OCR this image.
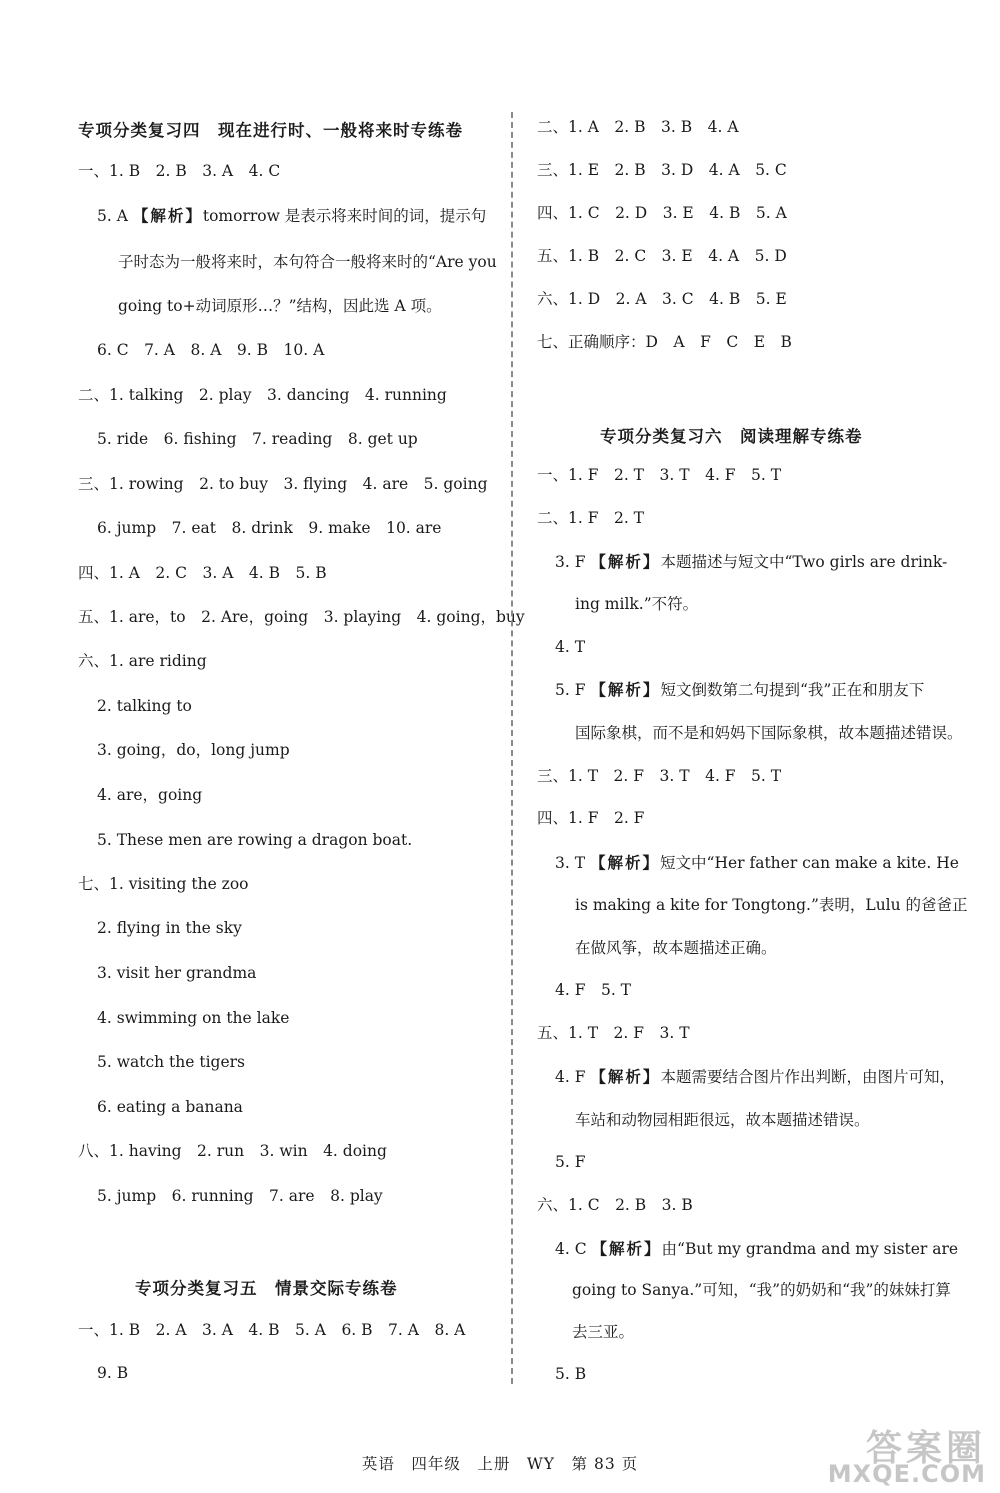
专项分类复习四　现在进行时、一般将来时专练卷
一、1. B　2. B　3. A　4. C
5. A 【解析】tomorrow 是表示将来时间的词，提示句
子时态为一般将来时，本句符合一般将来时的“Are you
going to+动词原形…？”结构，因此选 A 项。
6. C　7. A　8. A　9. B　10. A
二、1. talking　2. play　3. dancing　4. running
5. ride　6. fishing　7. reading　8. get up
三、1. rowing　2. to buy　3. flying　4. are　5. going
6. jump　7. eat　8. drink　9. make　10. are
四、1. A　2. C　3. A　4. B　5. B
五、1. are，to　2. Are，going　3. playing　4. going，buy
六、1. are riding
2. talking to
3. going，do，long jump
4. are，going
5. These men are rowing a dragon boat.
七、1. visiting the zoo
2. flying in the sky
3. visit her grandma
4. swimming on the lake
5. watch the tigers
6. eating a banana
八、1. having　2. run　3. win　4. doing
5. jump　6. running　7. are　8. play
专项分类复习五　情景交际专练卷
一、1. B　2. A　3. A　4. B　5. A　6. B　7. A　8. A
9. B
二、1. A　2. B　3. B　4. A
三、1. E　2. B　3. D　4. A　5. C
四、1. C　2. D　3. E　4. B　5. A
五、1. B　2. C　3. E　4. A　5. D
六、1. D　2. A　3. C　4. B　5. E
七、正确顺序：D　A　F　C　E　B
专项分类复习六　阅读理解专练卷
一、1. F　2. T　3. T　4. F　5. T
二、1. F　2. T
3. F 【解析】本题描述与短文中“Two girls are drink-
ing milk.”不符。
4. T
5. F 【解析】短文倒数第二句提到“我”正在和朋友下
国际象棋，而不是和妈妈下国际象棋，故本题描述错误。
三、1. T　2. F　3. T　4. F　5. T
四、1. F　2. F
3. T 【解析】短文中“Her father can make a kite. He
is making a kite for Tongtong.”表明，Lulu 的爸爸正
在做风筝，故本题描述正确。
4. F　5. T
五、1. T　2. F　3. T
4. F 【解析】本题需要结合图片作出判断，由图片可知，
车站和动物园相距很远，故本题描述错误。
5. F
六、1. C　2. B　3. B
4. C 【解析】由“But my grandma and my sister are
going to Sanya.”可知，“我”的奶奶和“我”的妹妹打算
去三亚。
5. B
英语　四年级　上册　WY　第 83 页	答案圈
MXQE.COM
